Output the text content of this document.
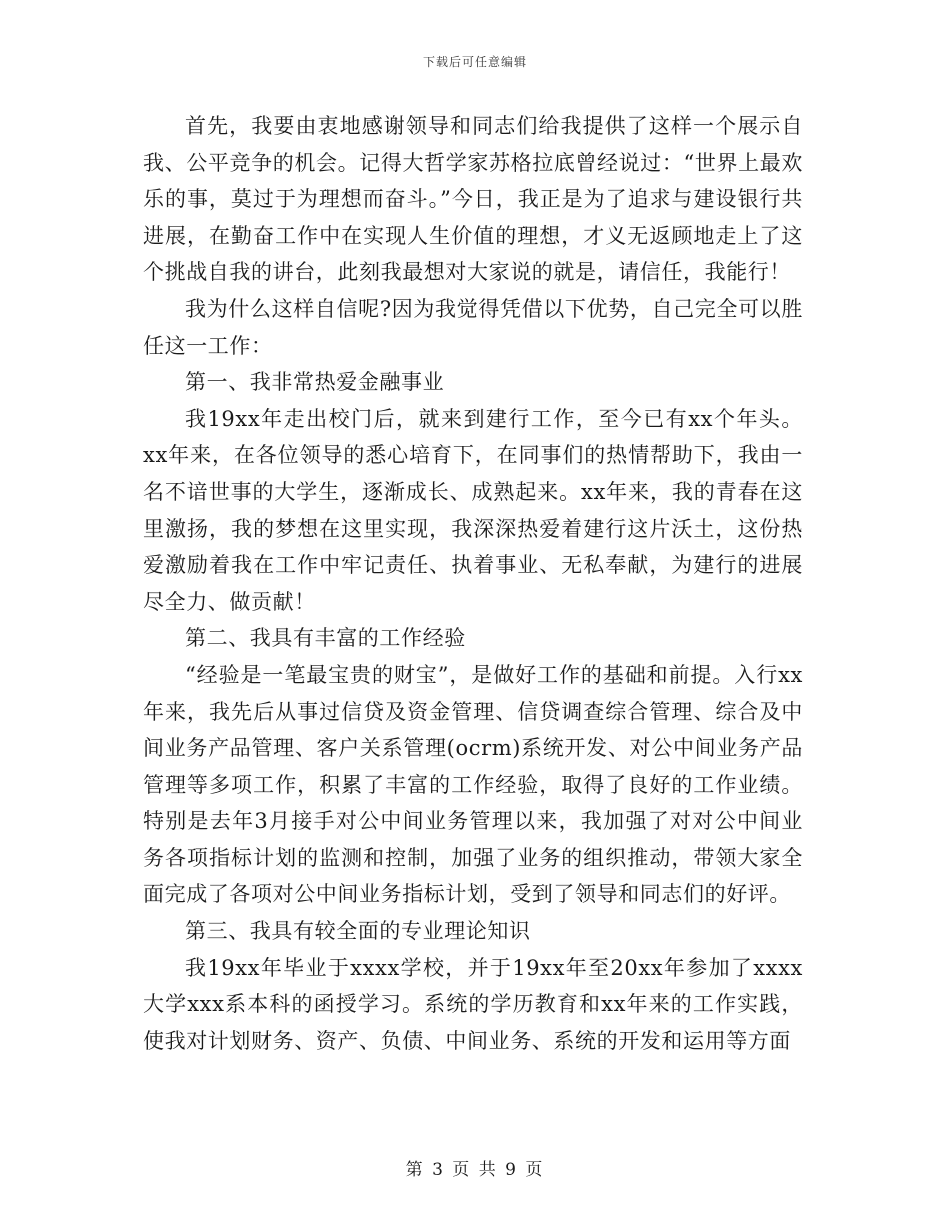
下载后可任意编辑

首先，我要由衷地感谢领导和同志们给我提供了这样一个展示自我、公平竞争的机会。记得大哲学家苏格拉底曾经说过：“世界上最欢乐的事，莫过于为理想而奋斗。”今日，我正是为了追求与建设银行共进展，在勤奋工作中在实现人生价值的理想，才义无返顾地走上了这个挑战自我的讲台，此刻我最想对大家说的就是，请信任，我能行！

我为什么这样自信呢?因为我觉得凭借以下优势，自己完全可以胜任这一工作：

第一、我非常热爱金融事业

我19xx年走出校门后，就来到建行工作，至今已有xx个年头。xx年来，在各位领导的悉心培育下，在同事们的热情帮助下，我由一名不谙世事的大学生，逐渐成长、成熟起来。xx年来，我的青春在这里激扬，我的梦想在这里实现，我深深热爱着建行这片沃土，这份热爱激励着我在工作中牢记责任、执着事业、无私奉献，为建行的进展尽全力、做贡献！

第二、我具有丰富的工作经验

“经验是一笔最宝贵的财宝”，是做好工作的基础和前提。入行xx年来，我先后从事过信贷及资金管理、信贷调查综合管理、综合及中间业务产品管理、客户关系管理(ocrm)系统开发、对公中间业务产品管理等多项工作，积累了丰富的工作经验，取得了良好的工作业绩。特别是去年3月接手对公中间业务管理以来，我加强了对对公中间业务各项指标计划的监测和控制，加强了业务的组织推动，带领大家全面完成了各项对公中间业务指标计划，受到了领导和同志们的好评。

第三、我具有较全面的专业理论知识

我19xx年毕业于xxxx学校，并于19xx年至20xx年参加了xxxx大学xxx系本科的函授学习。系统的学历教育和xx年来的工作实践，使我对计划财务、资产、负债、中间业务、系统的开发和运用等方面

第 3 页 共 9 页
